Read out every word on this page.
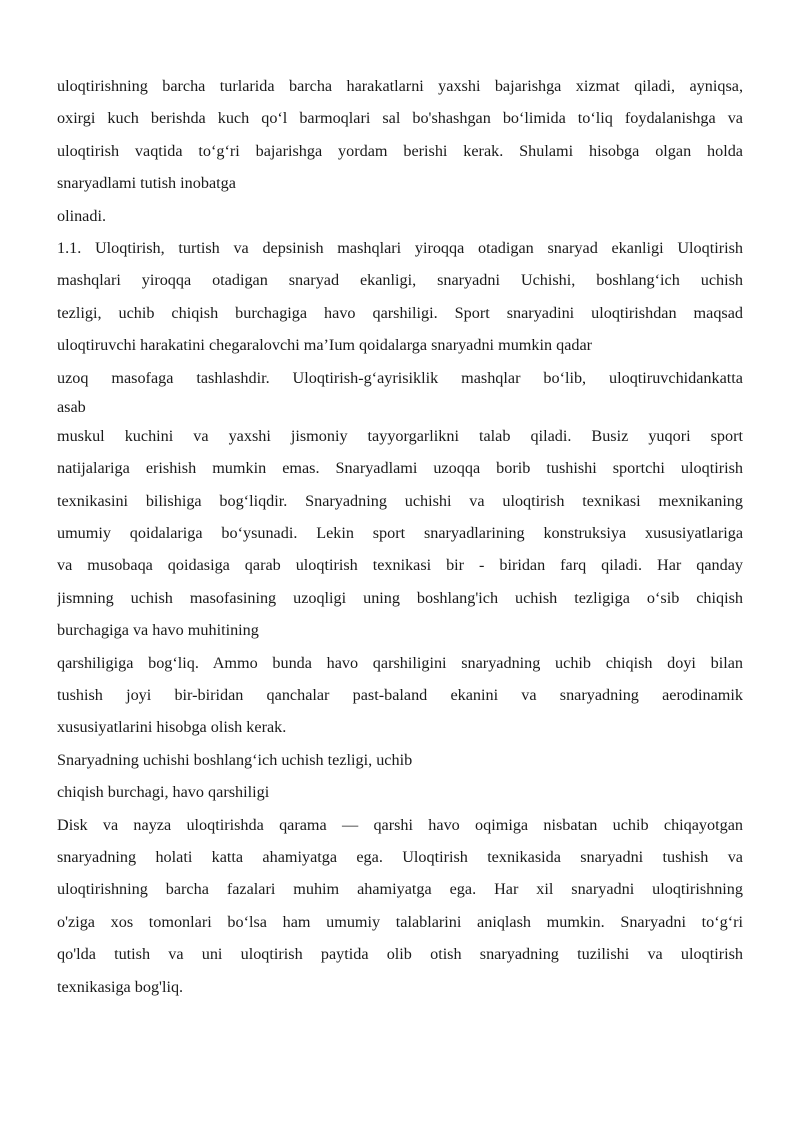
uloqtirishning barcha turlarida barcha harakatlarni yaxshi bajarishga xizmat qiladi, ayniqsa,
oxirgi kuch berishda kuch qo‘l barmoqlari sal bo'shashgan bo‘limida to‘liq foydalanishga va
uloqtirish vaqtida to‘g‘ri bajarishga yordam berishi kerak. Shulami hisobga olgan holda
snaryadlami tutish inobatga
olinadi.
1.1. Uloqtirish, turtish va depsinish mashqlari yiroqqa otadigan snaryad ekanligi Uloqtirish
mashqlari yiroqqa otadigan snaryad ekanligi, snaryadni Uchishi, boshlang‘ich uchish
tezligi, uchib chiqish burchagiga havo qarshiligi. Sport snaryadini uloqtirishdan maqsad
uloqtiruvchi harakatini chegaralovchi ma’Ium qoidalarga snaryadni mumkin qadar
uzoq masofaga tashlashdir. Uloqtirish-g‘ayrisiklik mashqlar bo‘lib, uloqtiruvchidankatta
asab
muskul kuchini va yaxshi jismoniy tayyorgarlikni talab qiladi. Busiz yuqori sport
natijalariga erishish mumkin emas. Snaryadlami uzoqqa borib tushishi sportchi uloqtirish
texnikasini bilishiga bog‘liqdir. Snaryadning uchishi va uloqtirish texnikasi mexnikaning
umumiy qoidalariga bo‘ysunadi. Lekin sport snaryadlarining konstruksiya xususiyatlariga
va musobaqa qoidasiga qarab uloqtirish texnikasi bir - biridan farq qiladi. Har qanday
jismning uchish masofasining uzoqligi uning boshlang'ich uchish tezligiga o‘sib chiqish
burchagiga va havo muhitining
qarshiligiga bog‘liq. Ammo bunda havo qarshiligini snaryadning uchib chiqish doyi bilan
tushish joyi bir-biridan qanchalar past-baland ekanini va snaryadning aerodinamik
xususiyatlarini hisobga olish kerak.
Snaryadning uchishi boshlang‘ich uchish tezligi, uchib
chiqish burchagi, havo qarshiligi
Disk va nayza uloqtirishda qarama — qarshi havo oqimiga nisbatan uchib chiqayotgan
snaryadning holati katta ahamiyatga ega. Uloqtirish texnikasida snaryadni tushish va
uloqtirishning barcha fazalari muhim ahamiyatga ega. Har xil snaryadni uloqtirishning
o'ziga xos tomonlari bo‘lsa ham umumiy talablarini aniqlash mumkin. Snaryadni to‘g‘ri
qo'lda tutish va uni uloqtirish paytida olib otish snaryadning tuzilishi va uloqtirish
texnikasiga bog'liq.
